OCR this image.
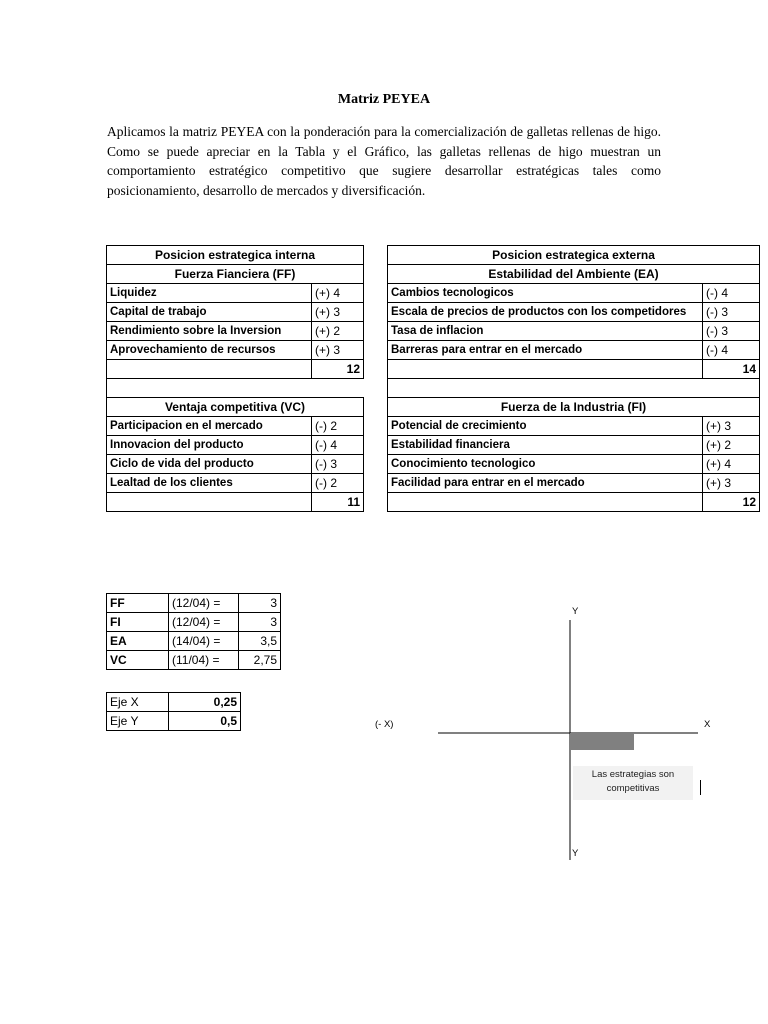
Matriz PEYEA
Aplicamos la matriz PEYEA con la ponderación para la comercialización de galletas rellenas de higo. Como se puede apreciar en la Tabla y el Gráfico, las galletas rellenas de higo muestran un comportamiento estratégico competitivo que sugiere desarrollar estratégicas tales como posicionamiento, desarrollo de mercados y diversificación.
Posicion estrategica interna			Posicion estrategica externa	
Fuerza Fianciera (FF)			Estabilidad del Ambiente (EA)	
Liquidez	(+) 4		Cambios tecnologicos	(-) 4
Capital de trabajo	(+) 3		Escala de precios de productos con los competidores	(-) 3
Rendimiento sobre la Inversion	(+) 2		Tasa de inflacion	(-) 3
Aprovechamiento de recursos	(+) 3		Barreras para entrar en el mercado	(-) 4
	12			14

Ventaja competitiva (VC)			Fuerza de la Industria (FI)	
Participacion en el mercado	(-) 2		Potencial de crecimiento	(+) 3
Innovacion del producto	(-) 4		Estabilidad financiera	(+) 2
Ciclo de vida del producto	(-) 3		Conocimiento tecnologico	(+) 4
Lealtad de los clientes	(-) 2		Facilidad para entrar en el mercado	(+) 3
	11			12
FF	(12/04) =	3
FI	(12/04) =	3
EA	(14/04) =	3,5
VC	(11/04) =	2,75
Eje X	0,25
Eje Y	0,5
Y
X
(- X)
Y
Las estrategias son competitivas
